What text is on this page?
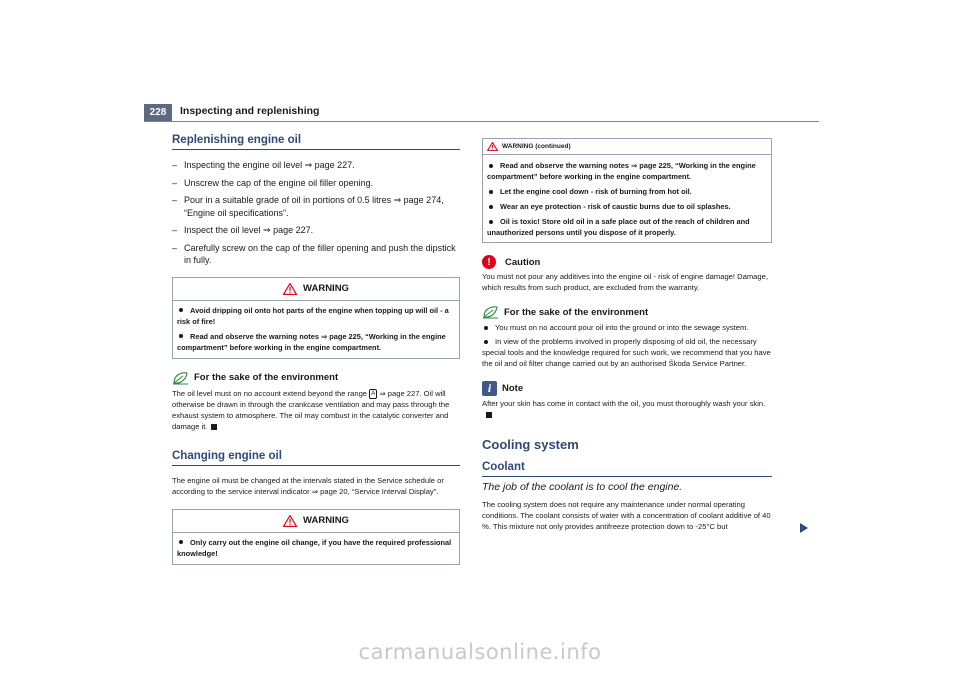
228	Inspecting and replenishing
Replenishing engine oil
– Inspecting the engine oil level ⇒ page 227.
– Unscrew the cap of the engine oil filler opening.
– Pour in a suitable grade of oil in portions of 0.5 litres ⇒ page 274, “Engine oil specifications”.
– Inspect the oil level ⇒ page 227.
– Carefully screw on the cap of the filler opening and push the dipstick in fully.
WARNING
Avoid dripping oil onto hot parts of the engine when topping up will oil - a risk of fire!
Read and observe the warning notes ⇒ page 225, “Working in the engine compartment” before working in the engine compartment.
For the sake of the environment
The oil level must on no account extend beyond the range A ⇒ page 227. Oil will otherwise be drawn in through the crankcase ventilation and may pass through the exhaust system to atmosphere. The oil may combust in the catalytic converter and damage it.
Changing engine oil
The engine oil must be changed at the intervals stated in the Service schedule or according to the service interval indicator ⇒ page 20, “Service Interval Display”.
WARNING
Only carry out the engine oil change, if you have the required professional knowledge!
WARNING (continued)
Read and observe the warning notes ⇒ page 225, “Working in the engine compartment” before working in the engine compartment.
Let the engine cool down - risk of burning from hot oil.
Wear an eye protection - risk of caustic burns due to oil splashes.
Oil is toxic! Store old oil in a safe place out of the reach of children and unauthorized persons until you dispose of it properly.
!	Caution
You must not pour any additives into the engine oil - risk of engine damage! Damage, which results from such product, are excluded from the warranty.
For the sake of the environment
You must on no account pour oil into the ground or into the sewage system.
In view of the problems involved in properly disposing of old oil, the necessary special tools and the knowledge required for such work, we recommend that you have the oil and oil filter change carried out by an authorised Škoda Service Partner.
i	Note
After your skin has come in contact with the oil, you must thoroughly wash your skin.
Cooling system
Coolant
The job of the coolant is to cool the engine.
The cooling system does not require any maintenance under normal operating conditions. The coolant consists of water with a concentration of coolant additive of 40 %. This mixture not only provides antifreeze protection down to -25°C but
carmanualsonline.info
